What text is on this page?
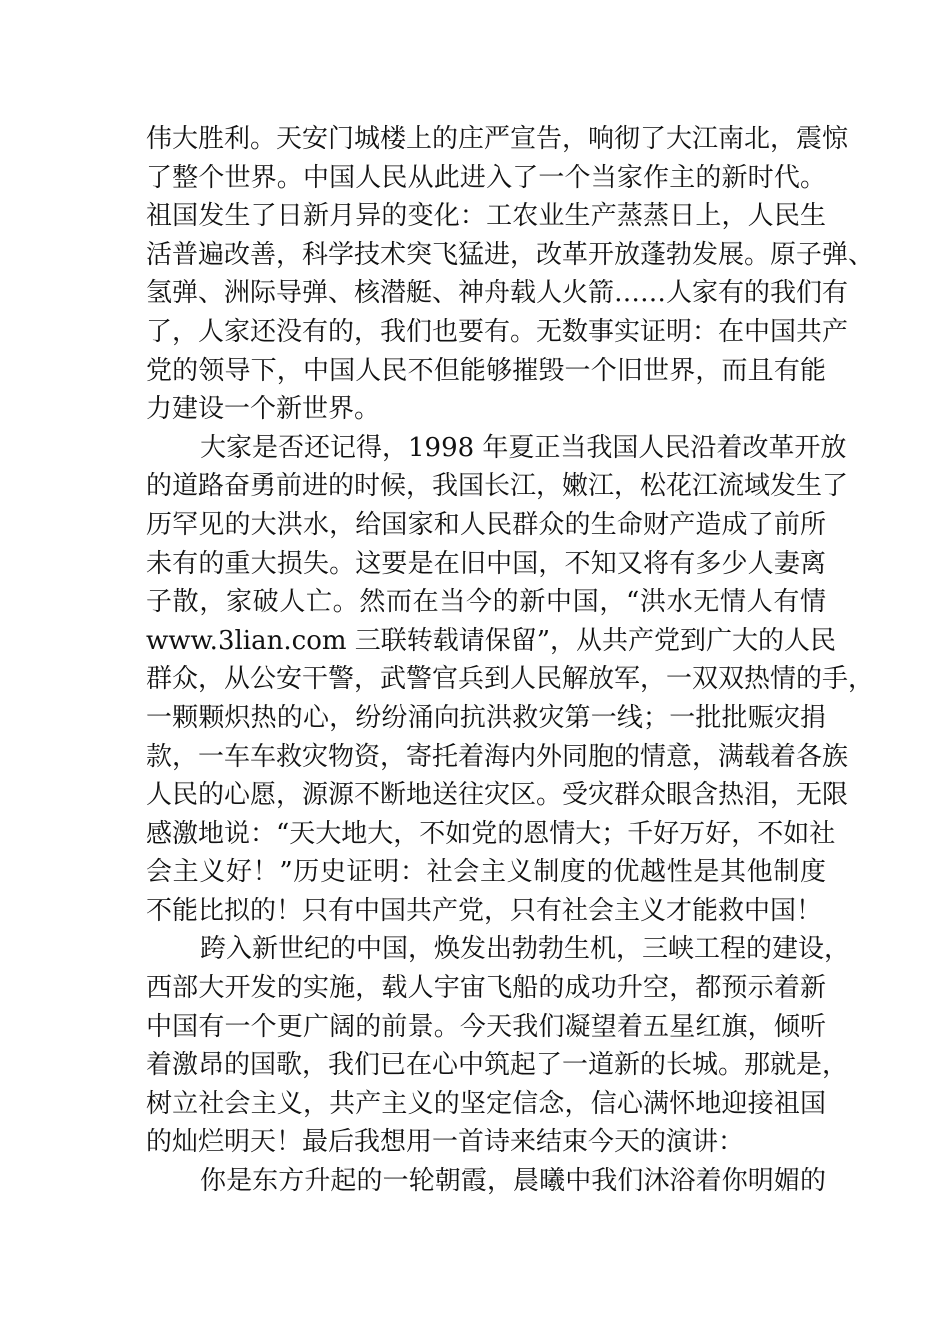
伟大胜利。天安门城楼上的庄严宣告，响彻了大江南北，震惊
了整个世界。中国人民从此进入了一个当家作主的新时代。
祖国发生了日新月异的变化：工农业生产蒸蒸日上，人民生
活普遍改善，科学技术突飞猛进，改革开放蓬勃发展。原子弹、
氢弹、洲际导弹、核潜艇、神舟载人火箭……人家有的我们有
了，人家还没有的，我们也要有。无数事实证明：在中国共产
党的领导下，中国人民不但能够摧毁一个旧世界，而且有能
力建设一个新世界。
大家是否还记得，1998 年夏正当我国人民沿着改革开放
的道路奋勇前进的时候，我国长江，嫩江，松花江流域发生了
历罕见的大洪水，给国家和人民群众的生命财产造成了前所
未有的重大损失。这要是在旧中国，不知又将有多少人妻离
子散，家破人亡。然而在当今的新中国，“洪水无情人有情
www.3lian.com 三联转载请保留”，从共产党到广大的人民
群众，从公安干警，武警官兵到人民解放军，一双双热情的手，
一颗颗炽热的心，纷纷涌向抗洪救灾第一线；一批批赈灾捐
款，一车车救灾物资，寄托着海内外同胞的情意，满载着各族
人民的心愿，源源不断地送往灾区。受灾群众眼含热泪，无限
感激地说：“天大地大，不如党的恩情大；千好万好，不如社
会主义好！”历史证明：社会主义制度的优越性是其他制度
不能比拟的！只有中国共产党，只有社会主义才能救中国！
跨入新世纪的中国，焕发出勃勃生机，三峡工程的建设，
西部大开发的实施，载人宇宙飞船的成功升空，都预示着新
中国有一个更广阔的前景。今天我们凝望着五星红旗，倾听
着激昂的国歌，我们已在心中筑起了一道新的长城。那就是，
树立社会主义，共产主义的坚定信念，信心满怀地迎接祖国
的灿烂明天！最后我想用一首诗来结束今天的演讲：
你是东方升起的一轮朝霞，晨曦中我们沐浴着你明媚的
